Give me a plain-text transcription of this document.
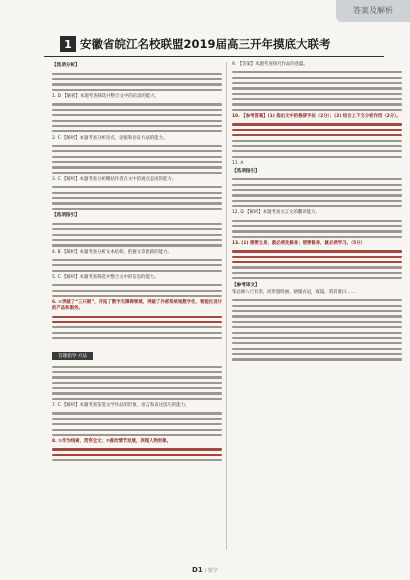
答案及解析
1 安徽省皖江名校联盟2019届高三开年摸底大联考
【选项分析】
1. D 【解析】本题考查筛选并整合文中的信息的能力。
2. C 【解析】本题考查分析论点、论据和论证方法的能力。
3. C 【解析】本题考查分析概括作者在文中的观点态度的能力。
【选项指引】
4. B 【解析】本题考查分析文本结构，把握文章思路的能力。
5. C 【解析】本题考查筛选并整合文中的信息的能力。
6. ①突破了“三只眼”，开拓了数字无障碍领域，突破了外部系统地数字化、智能化设计的产品和服务。
答题指导·方法
7. C 【解析】本题考查鉴赏文学作品的形象、语言和表达技巧的能力。
8. ①作为线索，贯穿全文；②推动情节发展，表现人物形象。
9. 【答案】本题考查探究作品的意蕴。
10. 【参考答案】(1) 指出文中的修辞手法（2分）；(2) 结合上下文分析作用（2分）。
11. A
【选项指引】
12. D 【解析】本题考查文言文的翻译能力。
13. (1) 想要立身，就必须先修身；想要修身，就必须学习。（5分）
【参考译文】
邹忌修八尺有余，而形貌昳丽。朝服衣冠，窥镜，谓其妻曰……
D1 / 数学
